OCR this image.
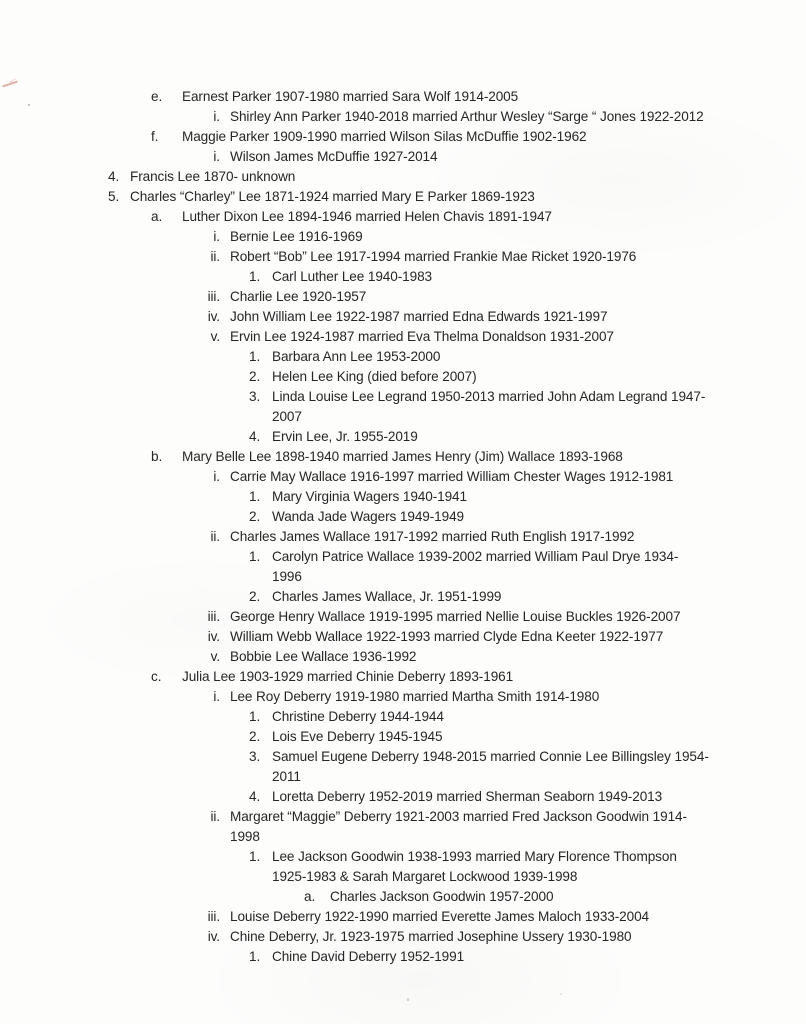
e.	Earnest Parker 1907-1980 married Sara Wolf 1914-2005
i. Shirley Ann Parker 1940-2018 married Arthur Wesley “Sarge “ Jones 1922-2012
f.	Maggie Parker 1909-1990 married Wilson Silas McDuffie 1902-1962
i. Wilson James McDuffie 1927-2014
4. Francis Lee 1870- unknown
5. Charles “Charley” Lee 1871-1924 married Mary E Parker 1869-1923
a.	Luther Dixon Lee 1894-1946 married Helen Chavis 1891-1947
i. Bernie Lee 1916-1969
ii. Robert “Bob” Lee 1917-1994 married Frankie Mae Ricket 1920-1976
1. Carl Luther Lee 1940-1983
iii. Charlie Lee 1920-1957
iv. John William Lee 1922-1987 married Edna Edwards 1921-1997
v. Ervin Lee 1924-1987 married Eva Thelma Donaldson 1931-2007
1. Barbara Ann Lee 1953-2000
2. Helen Lee King (died before 2007)
3. Linda Louise Lee Legrand 1950-2013 married John Adam Legrand 1947-
2007
4. Ervin Lee, Jr. 1955-2019
b.	Mary Belle Lee 1898-1940 married James Henry (Jim) Wallace 1893-1968
i. Carrie May Wallace 1916-1997 married William Chester Wages 1912-1981
1. Mary Virginia Wagers 1940-1941
2. Wanda Jade Wagers 1949-1949
ii. Charles James Wallace 1917-1992 married Ruth English 1917-1992
1. Carolyn Patrice Wallace 1939-2002 married William Paul Drye 1934-
1996
2. Charles James Wallace, Jr. 1951-1999
iii. George Henry Wallace 1919-1995 married Nellie Louise Buckles 1926-2007
iv. William Webb Wallace 1922-1993 married Clyde Edna Keeter 1922-1977
v. Bobbie Lee Wallace 1936-1992
c.	Julia Lee 1903-1929 married Chinie Deberry 1893-1961
i. Lee Roy Deberry 1919-1980 married Martha Smith 1914-1980
1. Christine Deberry 1944-1944
2. Lois Eve Deberry 1945-1945
3. Samuel Eugene Deberry 1948-2015 married Connie Lee Billingsley 1954-
2011
4. Loretta Deberry 1952-2019 married Sherman Seaborn 1949-2013
ii. Margaret “Maggie” Deberry 1921-2003 married Fred Jackson Goodwin 1914-
1998
1. Lee Jackson Goodwin 1938-1993 married Mary Florence Thompson
1925-1983 & Sarah Margaret Lockwood 1939-1998
a.	Charles Jackson Goodwin 1957-2000
iii. Louise Deberry 1922-1990 married Everette James Maloch 1933-2004
iv. Chine Deberry, Jr. 1923-1975 married Josephine Ussery 1930-1980
1. Chine David Deberry 1952-1991
